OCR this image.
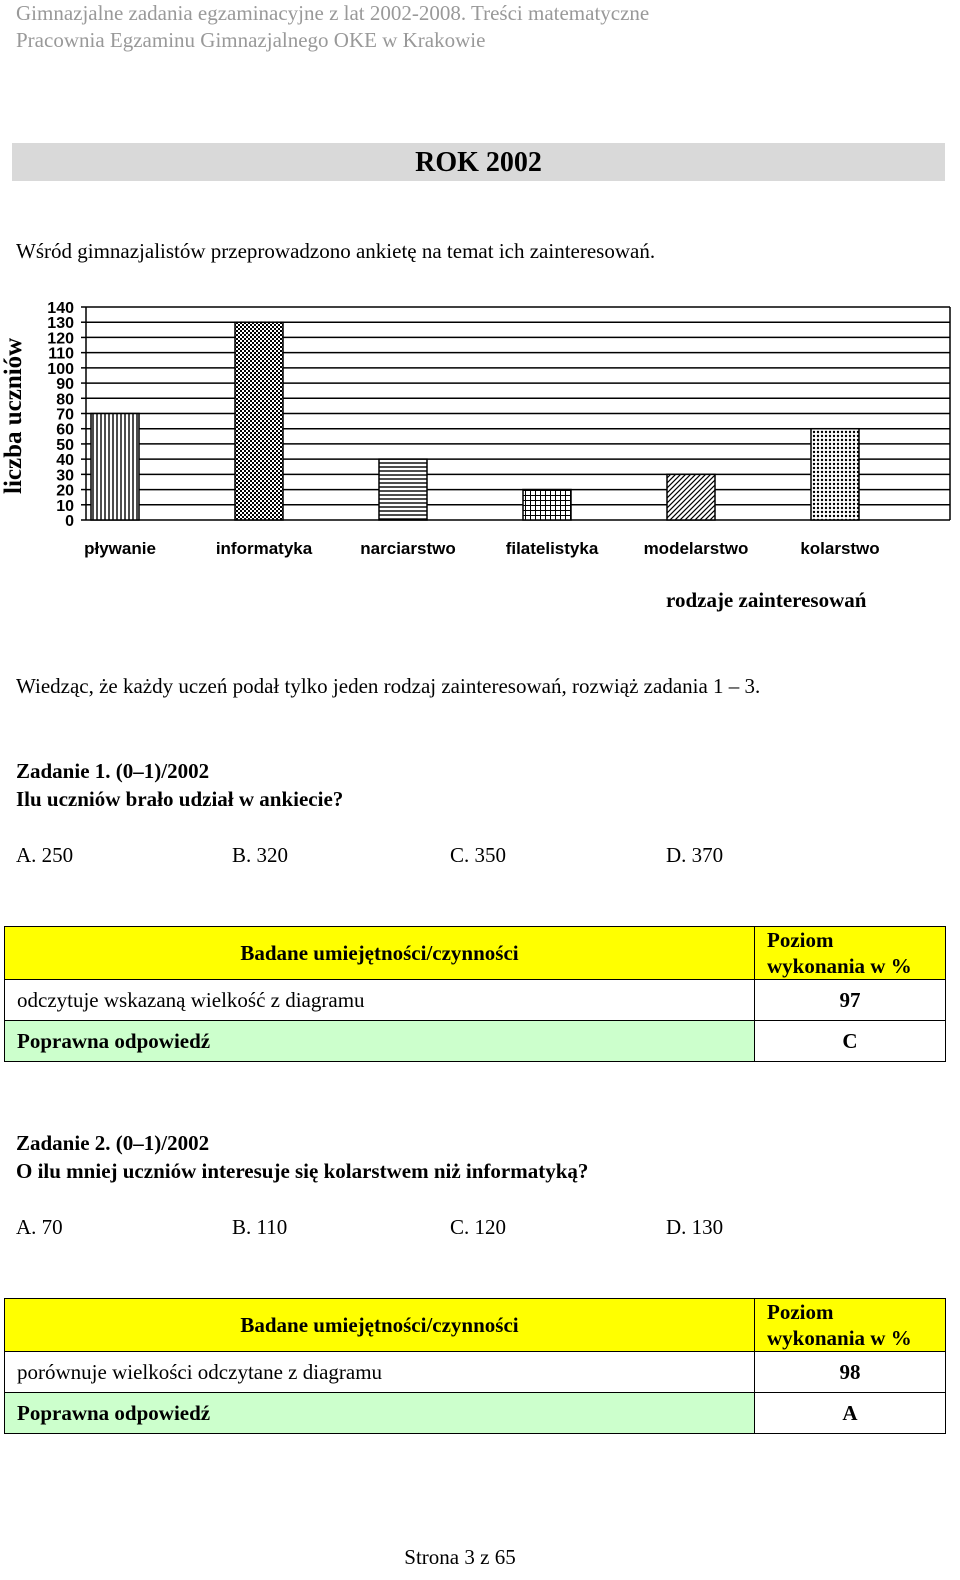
Gimnazjalne zadania egzaminacyjne z lat 2002-2008. Treści matematyczne
Pracownia Egzaminu Gimnazjalnego OKE w Krakowie
ROK 2002
Wśród gimnazjalistów przeprowadzono ankietę na temat ich zainteresowań.
0
10
20
30
40
50
60
70
80
90
100
110
120
130
140
pływanie	informatyka	narciarstwo	filatelistyka	modelarstwo	kolarstwo
liczba uczniów
rodzaje zainteresowań
Wiedząc, że każdy uczeń podał tylko jeden rodzaj zainteresowań, rozwiąż zadania 1 – 3.
Zadanie 1. (0–1)/2002
Ilu uczniów brało udział w ankiecie?
A. 250	B. 320	C. 350	D. 370
Badane umiejętności/czynności	Poziom
wykonania w %

odczytuje wskazaną wielkość z diagramu	97
Poprawna odpowiedź	C
Zadanie 2. (0–1)/2002
O ilu mniej uczniów interesuje się kolarstwem niż informatyką?
A. 70	B. 110	C. 120	D. 130
Badane umiejętności/czynności	Poziom
wykonania w %

porównuje wielkości odczytane z diagramu	98
Poprawna odpowiedź	A
Strona 3 z 65
